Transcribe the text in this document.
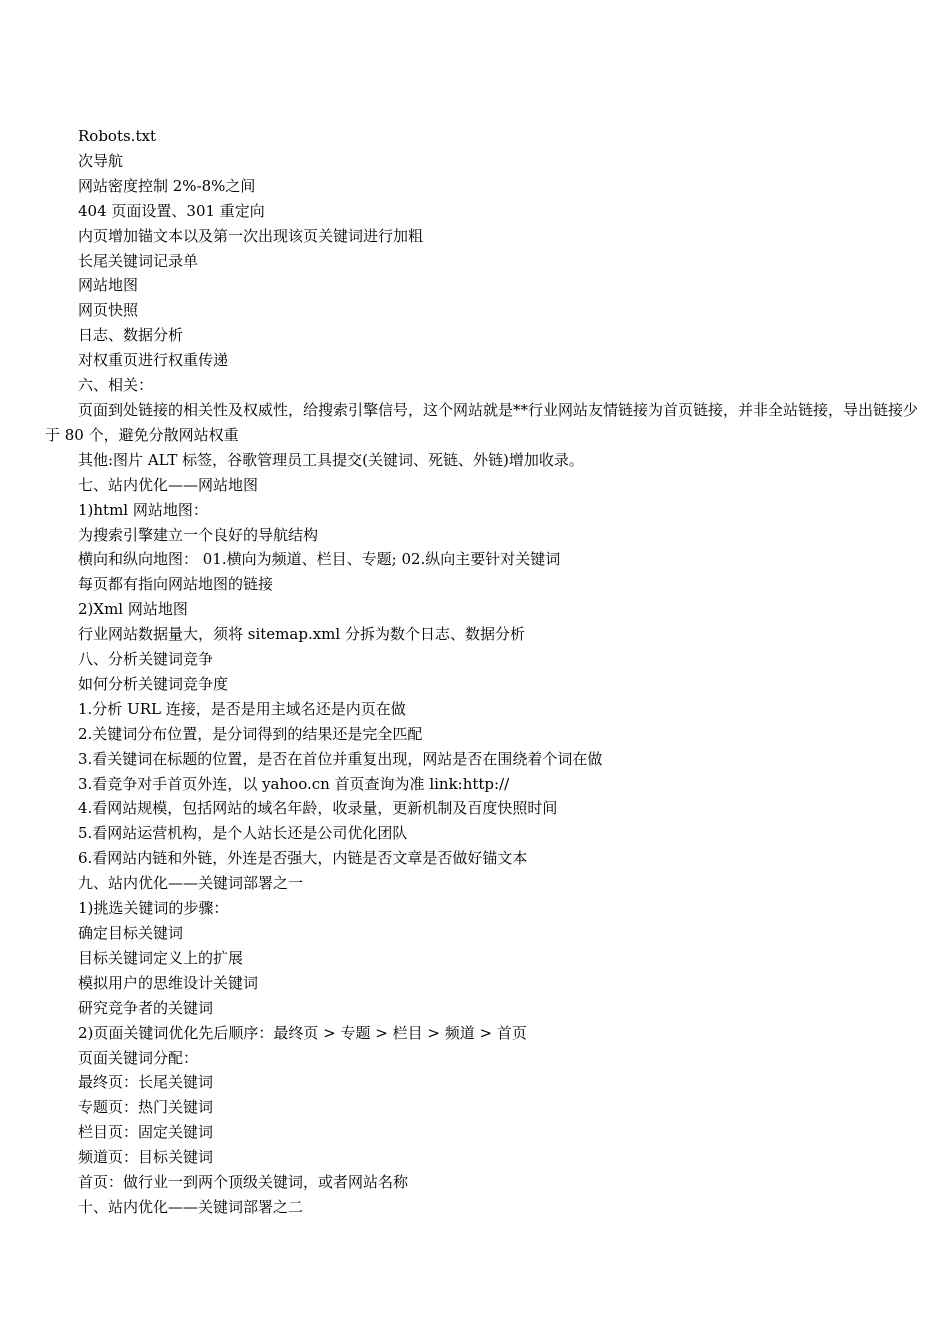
Robots.txt

次导航

网站密度控制 2%-8%之间

404 页面设置、301 重定向

内页增加锚文本以及第一次出现该页关键词进行加粗

长尾关键词记录单

网站地图

网页快照

日志、数据分析

对权重页进行权重传递

六、相关：

页面到处链接的相关性及权威性，给搜索引擎信号，这个网站就是**行业网站友情链接为首页链接，并非全站链接，导出链接少于 80 个，避免分散网站权重

其他:图片 ALT 标签，谷歌管理员工具提交(关键词、死链、外链)增加收录。

七、站内优化——网站地图

1)html 网站地图：

为搜索引擎建立一个良好的导航结构

横向和纵向地图： 01.横向为频道、栏目、专题; 02.纵向主要针对关键词

每页都有指向网站地图的链接

2)Xml 网站地图

行业网站数据量大，须将 sitemap.xml 分拆为数个日志、数据分析

八、分析关键词竞争

如何分析关键词竞争度

1.分析 URL 连接，是否是用主域名还是内页在做

2.关键词分布位置，是分词得到的结果还是完全匹配

3.看关键词在标题的位置，是否在首位并重复出现，网站是否在围绕着个词在做

3.看竞争对手首页外连，以 yahoo.cn 首页查询为准 link:http://

4.看网站规模，包括网站的域名年龄，收录量，更新机制及百度快照时间

5.看网站运营机构，是个人站长还是公司优化团队

6.看网站内链和外链，外连是否强大，内链是否文章是否做好锚文本

九、站内优化——关键词部署之一

1)挑选关键词的步骤：

确定目标关键词

目标关键词定义上的扩展

模拟用户的思维设计关键词

研究竞争者的关键词

2)页面关键词优化先后顺序：最终页 > 专题 > 栏目 > 频道 > 首页

页面关键词分配：

最终页：长尾关键词

专题页：热门关键词

栏目页：固定关键词

频道页：目标关键词

首页：做行业一到两个顶级关键词，或者网站名称

十、站内优化——关键词部署之二
